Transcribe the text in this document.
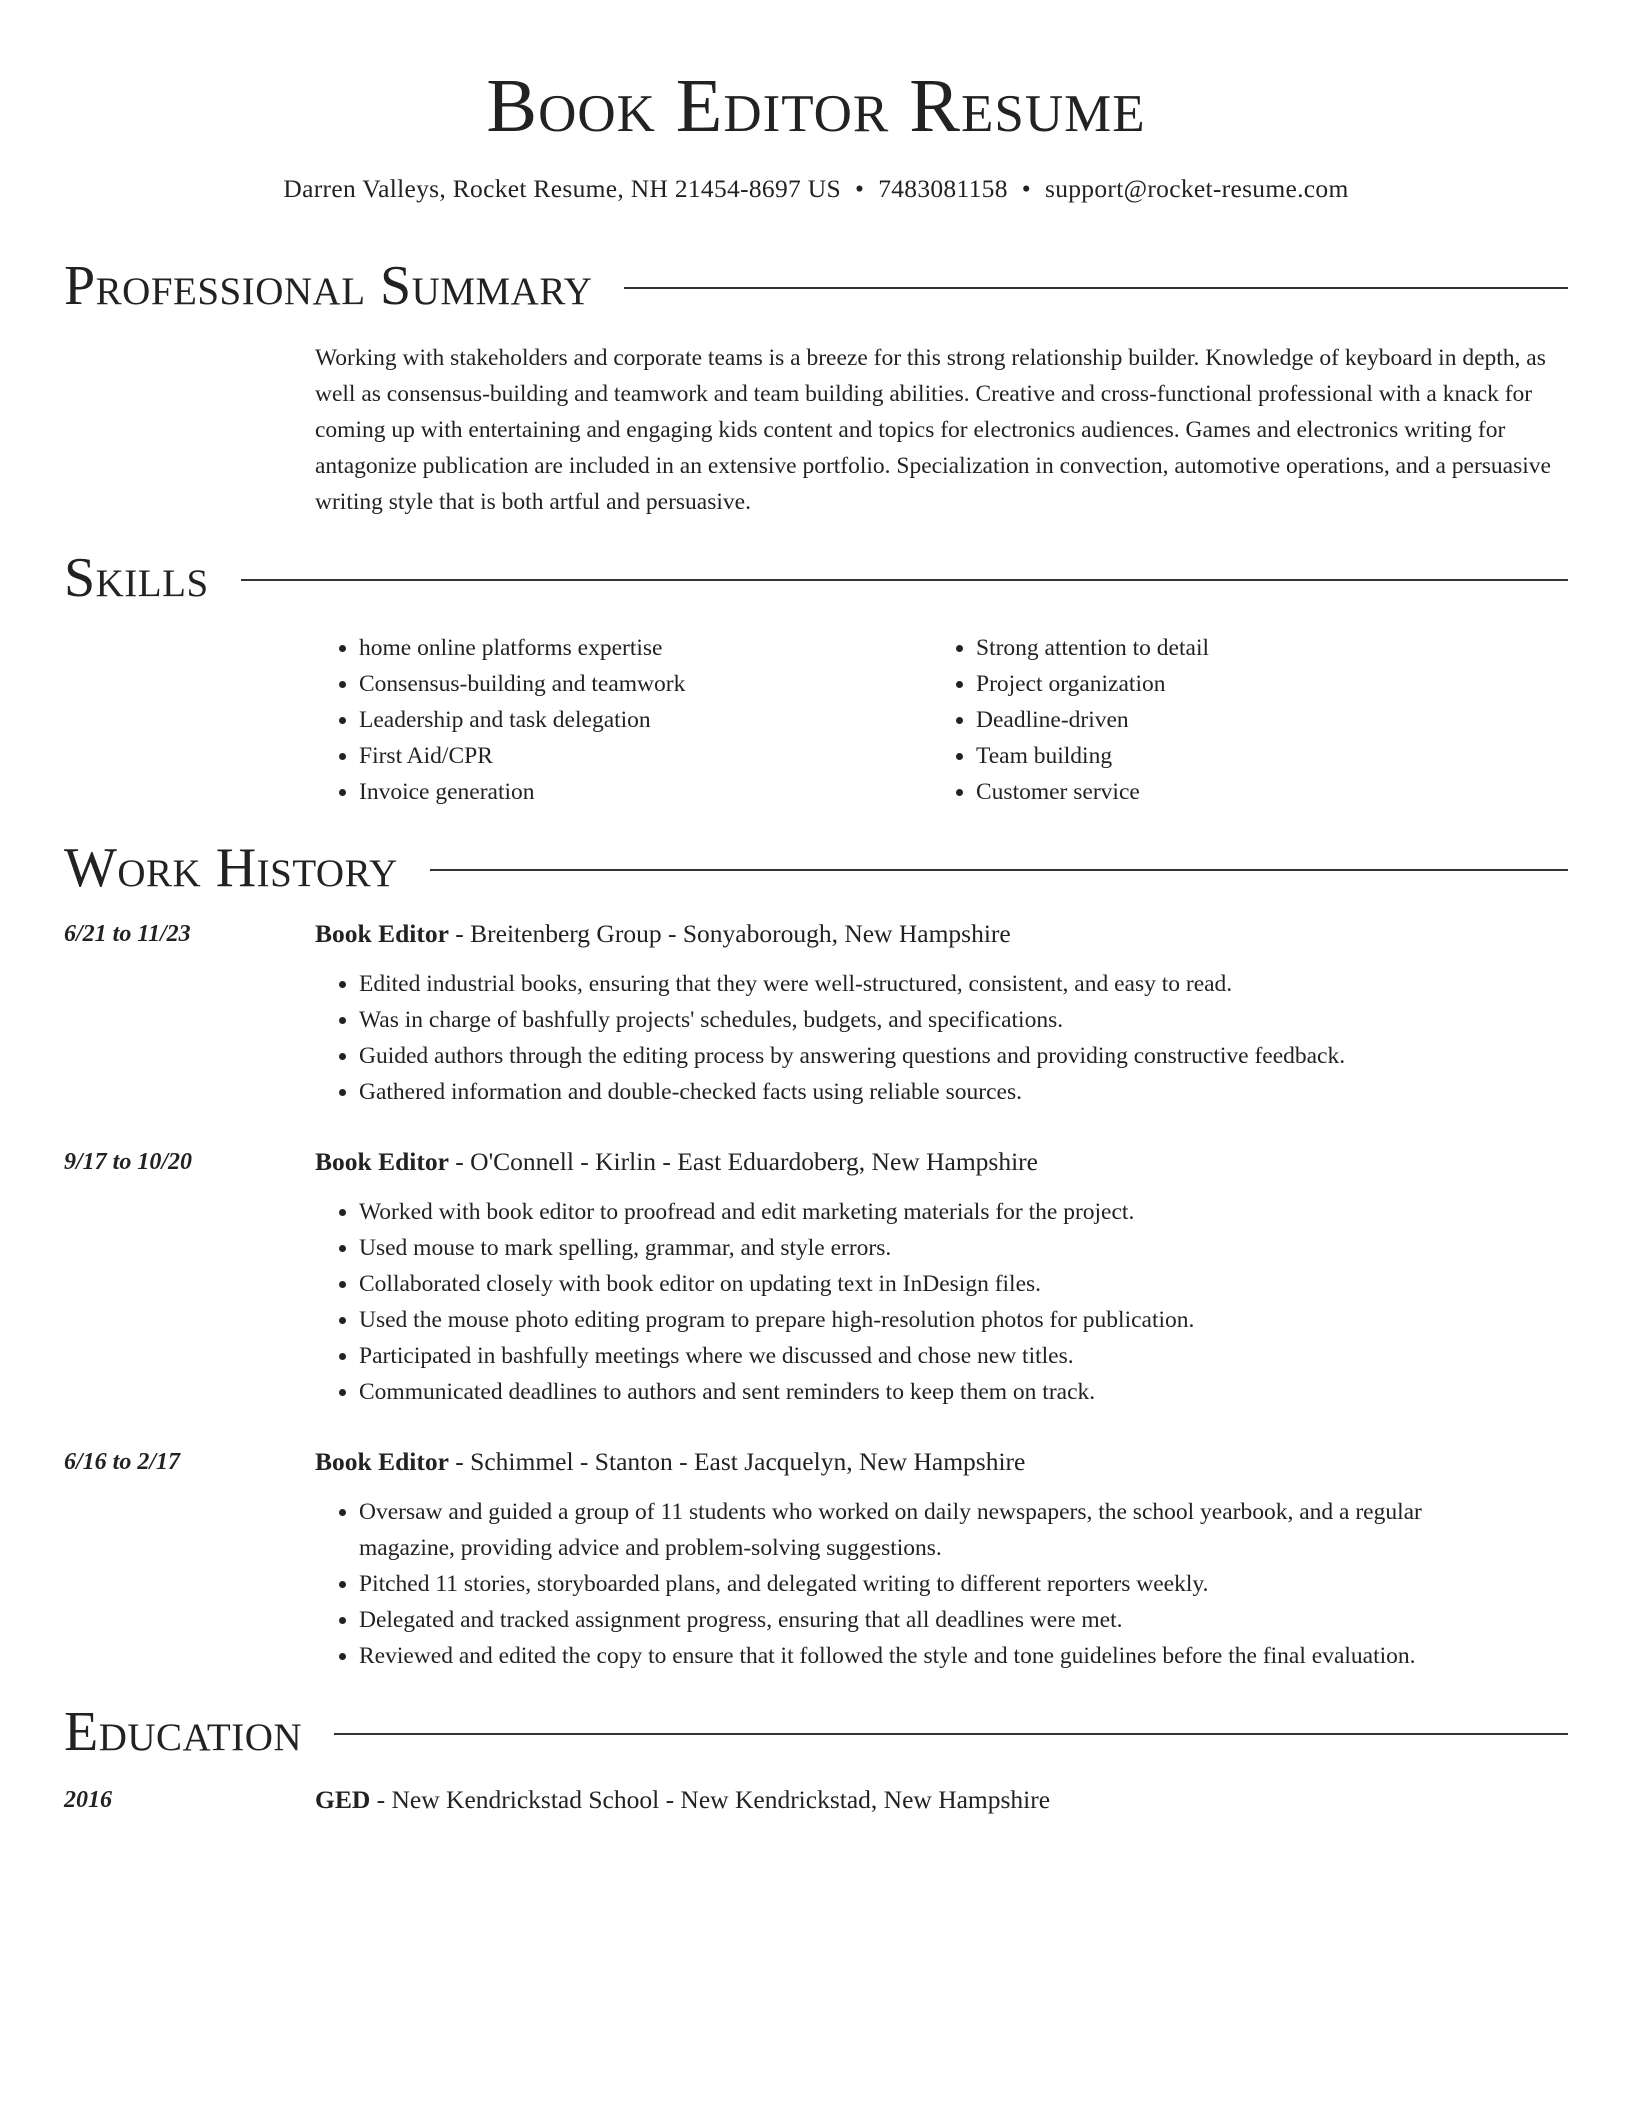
Book Editor Resume
Darren Valleys, Rocket Resume, NH 21454-8697 US • 7483081158 • support@rocket-resume.com
Professional Summary
Working with stakeholders and corporate teams is a breeze for this strong relationship builder. Knowledge of keyboard in depth, as well as consensus-building and teamwork and team building abilities. Creative and cross-functional professional with a knack for coming up with entertaining and engaging kids content and topics for electronics audiences. Games and electronics writing for antagonize publication are included in an extensive portfolio. Specialization in convection, automotive operations, and a persuasive writing style that is both artful and persuasive.
Skills
• home online platforms expertise
• Consensus-building and teamwork
• Leadership and task delegation
• First Aid/CPR
• Invoice generation
• Strong attention to detail
• Project organization
• Deadline-driven
• Team building
• Customer service
Work History
6/21 to 11/23	Book Editor - Breitenberg Group - Sonyaborough, New Hampshire
• Edited industrial books, ensuring that they were well-structured, consistent, and easy to read.
• Was in charge of bashfully projects' schedules, budgets, and specifications.
• Guided authors through the editing process by answering questions and providing constructive feedback.
• Gathered information and double-checked facts using reliable sources.
9/17 to 10/20	Book Editor - O'Connell - Kirlin - East Eduardoberg, New Hampshire
• Worked with book editor to proofread and edit marketing materials for the project.
• Used mouse to mark spelling, grammar, and style errors.
• Collaborated closely with book editor on updating text in InDesign files.
• Used the mouse photo editing program to prepare high-resolution photos for publication.
• Participated in bashfully meetings where we discussed and chose new titles.
• Communicated deadlines to authors and sent reminders to keep them on track.
6/16 to 2/17	Book Editor - Schimmel - Stanton - East Jacquelyn, New Hampshire
• Oversaw and guided a group of 11 students who worked on daily newspapers, the school yearbook, and a regular magazine, providing advice and problem-solving suggestions.
• Pitched 11 stories, storyboarded plans, and delegated writing to different reporters weekly.
• Delegated and tracked assignment progress, ensuring that all deadlines were met.
• Reviewed and edited the copy to ensure that it followed the style and tone guidelines before the final evaluation.
Education
2016	GED - New Kendrickstad School - New Kendrickstad, New Hampshire
